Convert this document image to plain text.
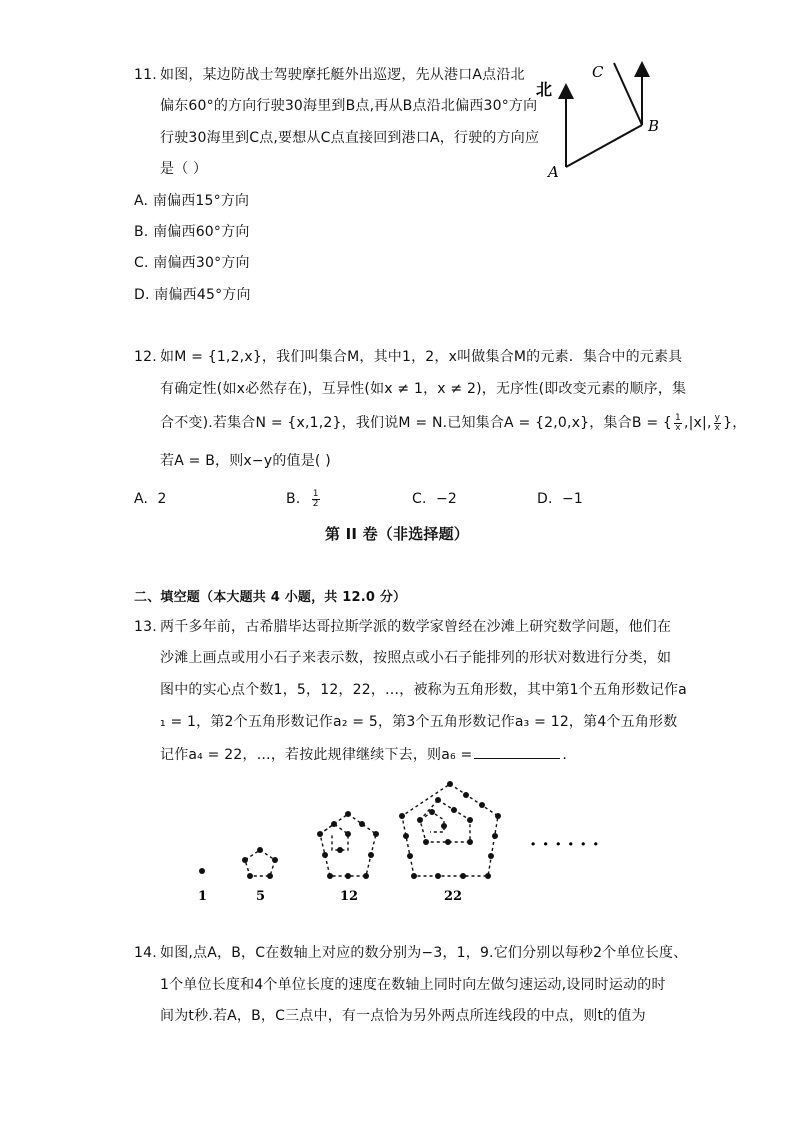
11. 如图，某边防战士驾驶摩托艇外出巡逻，先从港口A点沿北
偏东60°的方向行驶30海里到B点,再从B点沿北偏西30°方向
行驶30海里到C点,要想从C点直接回到港口A，行驶的方向应
是（ ）
A. 南偏西15°方向
B. 南偏西60°方向
C. 南偏西30°方向
D. 南偏西45°方向
北
C
B
A
12. 如M = {1,2,x}，我们叫集合M，其中1，2，x叫做集合M的元素．集合中的元素具
有确定性(如x必然存在)，互异性(如x ≠ 1，x ≠ 2)，无序性(即改变元素的顺序，集
合不变).若集合N = {x,1,2}，我们说M = N.已知集合A = {2,0,x}，集合B = { $\frac{1}{x} ,|x|$, $\frac{y}{x}$ }，
若A = B，则x−y的值是( )
A. 2	B. $\frac{1}{2}$	C. −2	D. −1
第 II 卷（非选择题）
二、填空题（本大题共 4 小题，共 12.0 分）
13. 两千多年前，古希腊毕达哥拉斯学派的数学家曾经在沙滩上研究数学问题，他们在
沙滩上画点或用小石子来表示数，按照点或小石子能排列的形状对数进行分类，如
图中的实心点个数1，5，12，22，…，被称为五角形数，其中第1个五角形数记作a
₁ = 1，第2个五角形数记作a₂ = 5，第3个五角形数记作a₃ = 12，第4个五角形数
记作a₄ = 22，…，若按此规律继续下去，则a₆ =	.
1	5	12	22
· · · · · ·
14. 如图,点A，B，C在数轴上对应的数分别为−3，1，9.它们分别以每秒2个单位长度、
1个单位长度和4个单位长度的速度在数轴上同时向左做匀速运动,设同时运动的时
间为t秒.若A，B，C三点中，有一点恰为另外两点所连线段的中点，则t的值为
